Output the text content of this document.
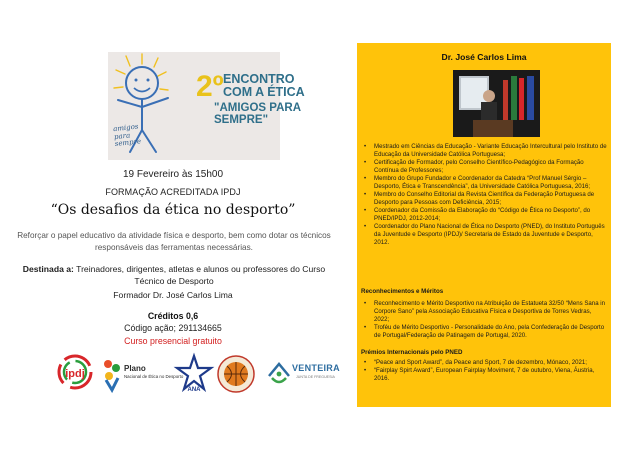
2º ENCONTRO
COM A ÉTICA
"AMIGOS PARA
SEMPRE"
amigos para sempre
19 Fevereiro às 15h00
FORMAÇÃO ACREDITADA IPDJ
“Os desafios da ética no desporto”
Reforçar o papel educativo da atividade física e desporto, bem como dotar os técnicos responsáveis das ferramentas necessárias.
Destinada a: Treinadores, dirigentes, atletas e alunos ou professores do Curso Técnico de Desporto
Formador Dr. José Carlos Lima
Créditos 0,6
Código ação; 291134665
Curso presencial gratuito
ipdj	Plano
Nacional de Ética no Desporto
ANA
VENTEIRA
JUNTA DE FREGUESIA
Dr. José Carlos Lima
• Mestrado em Ciências da Educação - Variante Educação Intercultural pelo Instituto de Educação da Universidade Católica Portuguesa;
• Certificação de Formador, pelo Conselho Científico-Pedagógico da Formação Contínua de Professores;
• Membro do Grupo Fundador e Coordenador da Catedra “Prof Manuel Sérgio – Desporto, Ética e Transcendência”, da Universidade Católica Portuguesa, 2016;
• Membro do Conselho Editorial da Revista Científica da Federação Portuguesa de Desporto para Pessoas com Deficiência, 2015;
• Coordenador da Comissão da Elaboração do “Código de Ética no Desporto”, do PNED/IPDJ, 2012-2014;
• Coordenador do Plano Nacional de Ética no Desporto (PNED), do Instituto Português da Juventude e Desporto (IPDJ)/ Secretaria de Estado da Juventude e Desporto, 2012.
Reconhecimentos e Méritos
• Reconhecimento e Mérito Desportivo na Atribuição de Estatueta 32/50 “Mens Sana in Corpore Sano” pela Associação Educativa Física e Desportiva de Torres Vedras, 2022;
• Troféu de Mérito Desportivo - Personalidade do Ano, pela Confederação de Desporto de Portugal/Federação de Patinagem de Portugal, 2020.
Prémios Internacionais pelo PNED
• “Peace and Sport Award”, da Peace and Sport, 7 de dezembro, Mónaco, 2021;
• “Fairplay Spirt Award”, European Fairplay Moviment, 7 de outubro, Viena, Áustria, 2016.
